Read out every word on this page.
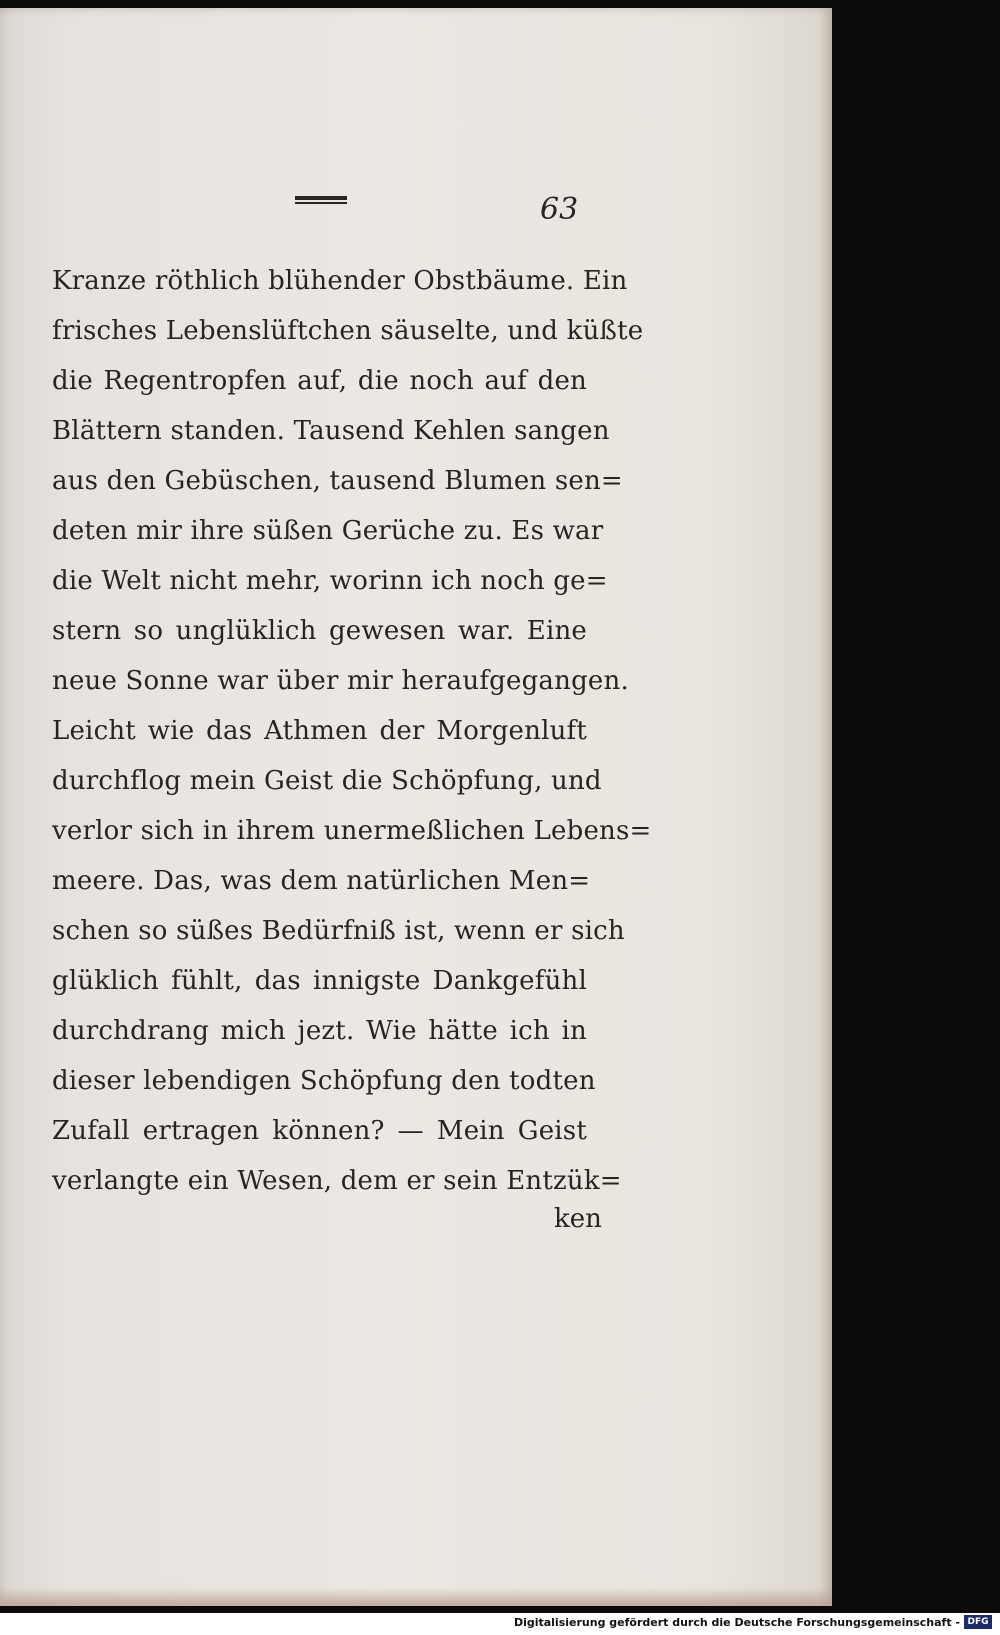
63
Kranze röthlich blühender Obstbäume. Ein
frisches Lebenslüftchen säuselte, und küßte
die Regentropfen auf, die noch auf den
Blättern standen. Tausend Kehlen sangen
aus den Gebüschen, tausend Blumen sen=
deten mir ihre süßen Gerüche zu. Es war
die Welt nicht mehr, worinn ich noch ge=
stern so unglüklich gewesen war. Eine
neue Sonne war über mir heraufgegangen.
Leicht wie das Athmen der Morgenluft
durchflog mein Geist die Schöpfung, und
verlor sich in ihrem unermeßlichen Lebens=
meere. Das, was dem natürlichen Men=
schen so süßes Bedürfniß ist, wenn er sich
glüklich fühlt, das innigste Dankgefühl
durchdrang mich jezt. Wie hätte ich in
dieser lebendigen Schöpfung den todten
Zufall ertragen können? — Mein Geist
verlangte ein Wesen, dem er sein Entzük=
ken
Digitalisierung gefördert durch die Deutsche Forschungsgemeinschaft - DFG
